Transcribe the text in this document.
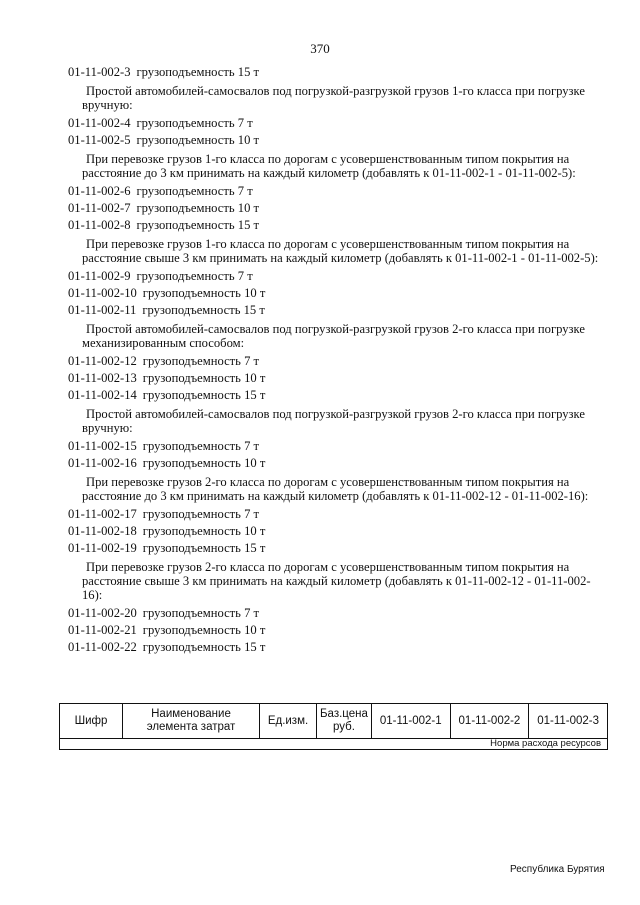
370
01-11-002-3 грузоподъемность 15 т
Простой автомобилей-самосвалов под погрузкой-разгрузкой грузов 1-го класса при погрузке вручную:
01-11-002-4 грузоподъемность 7 т
01-11-002-5 грузоподъемность 10 т
При перевозке грузов 1-го класса по дорогам с усовершенствованным типом покрытия на расстояние до 3 км принимать на каждый километр (добавлять к 01-11-002-1 - 01-11-002-5):
01-11-002-6 грузоподъемность 7 т
01-11-002-7 грузоподъемность 10 т
01-11-002-8 грузоподъемность 15 т
При перевозке грузов 1-го класса по дорогам с усовершенствованным типом покрытия на расстояние свыше 3 км принимать на каждый километр (добавлять к 01-11-002-1 - 01-11-002-5):
01-11-002-9 грузоподъемность 7 т
01-11-002-10 грузоподъемность 10 т
01-11-002-11 грузоподъемность 15 т
Простой автомобилей-самосвалов под погрузкой-разгрузкой грузов 2-го класса при погрузке механизированным способом:
01-11-002-12 грузоподъемность 7 т
01-11-002-13 грузоподъемность 10 т
01-11-002-14 грузоподъемность 15 т
Простой автомобилей-самосвалов под погрузкой-разгрузкой грузов 2-го класса при погрузке вручную:
01-11-002-15 грузоподъемность 7 т
01-11-002-16 грузоподъемность 10 т
При перевозке грузов 2-го класса по дорогам с усовершенствованным типом покрытия на расстояние до 3 км принимать на каждый километр (добавлять к 01-11-002-12 - 01-11-002-16):
01-11-002-17 грузоподъемность 7 т
01-11-002-18 грузоподъемность 10 т
01-11-002-19 грузоподъемность 15 т
При перевозке грузов 2-го класса по дорогам с усовершенствованным типом покрытия на расстояние свыше 3 км принимать на каждый километр (добавлять к 01-11-002-12 - 01-11-002-16):
01-11-002-20 грузоподъемность 7 т
01-11-002-21 грузоподъемность 10 т
01-11-002-22 грузоподъемность 15 т
Шифр	Наименование элемента затрат	Ед.изм.	Баз.цена руб.	01-11-002-1	01-11-002-2	01-11-002-3
Норма расхода ресурсов
Республика Бурятия
